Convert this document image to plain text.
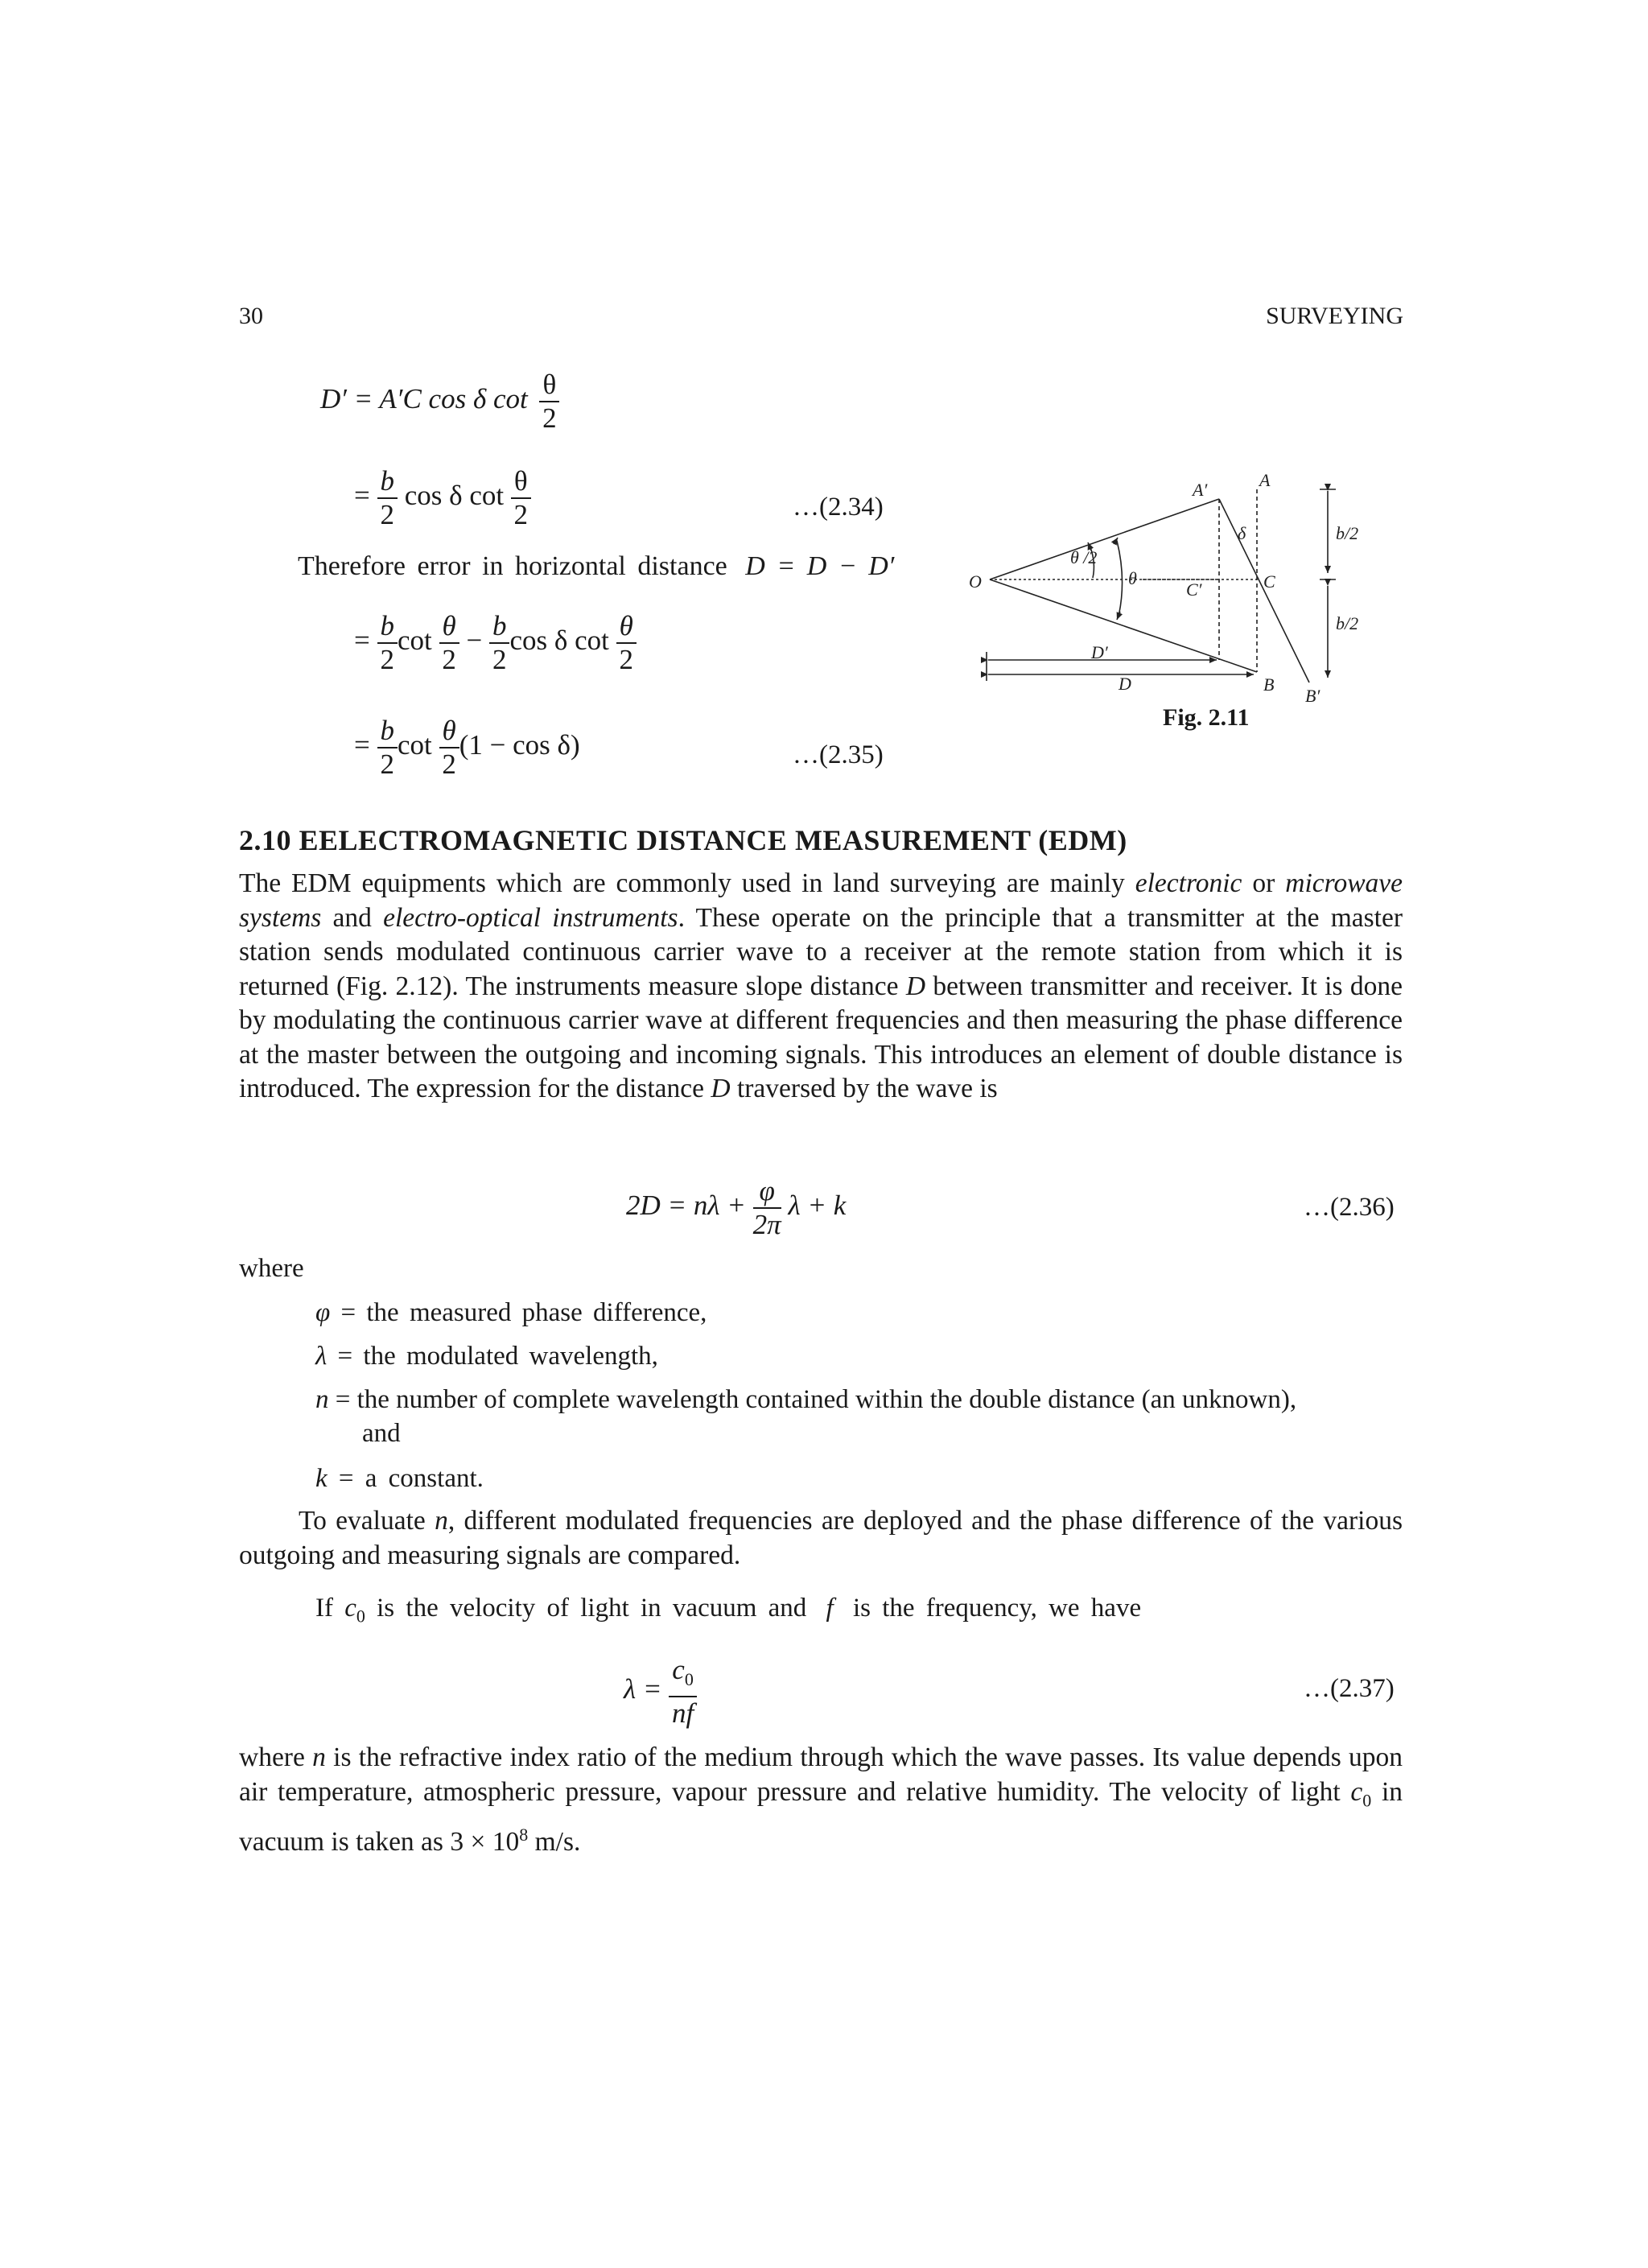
30	SURVEYING
D′ = A′C cos δ $\cot \frac{\theta}{2}$
= $\frac{b}{2}$ cos δ $\cot \frac{\theta}{2}$	…(2.34)
Therefore error in horizontal distance D = D − D′
= $\frac{b}{2}$ $\cot \frac{\theta}{2} - \frac{b}{2}$ cos δ $\cot \frac{\theta}{2}$
= $\frac{b}{2}$ $\cot \frac{\theta}{2} (1 - \cos \delta)$	…(2.35)
O
A′	A
δ
C
C′
θ
θ /2
b/2
b/2
D′
D	B
B′
Fig. 2.11
2.10 EELECTROMAGNETIC DISTANCE MEASUREMENT (EDM)
The EDM equipments which are commonly used in land surveying are mainly electronic or microwave systems and electro-optical instruments. These operate on the principle that a transmitter at the master station sends modulated continuous carrier wave to a receiver at the remote station from which it is returned (Fig. 2.12). The instruments measure slope distance D between transmitter and receiver. It is done by modulating the continuous carrier wave at different frequencies and then measuring the phase difference at the master between the outgoing and incoming signals. This introduces an element of double distance is introduced. The expression for the distance D traversed by the wave is
$2D = n\lambda + \frac{\varphi}{2\pi}$ λ + k	…(2.36)
where
φ = the measured phase difference,
λ = the modulated wavelength,
n = the number of complete wavelength contained within the double distance (an unknown),
and
k = a constant.
To evaluate n, different modulated frequencies are deployed and the phase difference of the various outgoing and measuring signals are compared.
If $c_0$ is the velocity of light in vacuum and f is the frequency, we have
$\lambda = \frac{c_0}{nf}$	…(2.37)
where n is the refractive index ratio of the medium through which the wave passes. Its value depends upon air temperature, atmospheric pressure, vapour pressure and relative humidity. The velocity of light $c_0$ in vacuum is taken as $3 \times 10^8$ m/s.
